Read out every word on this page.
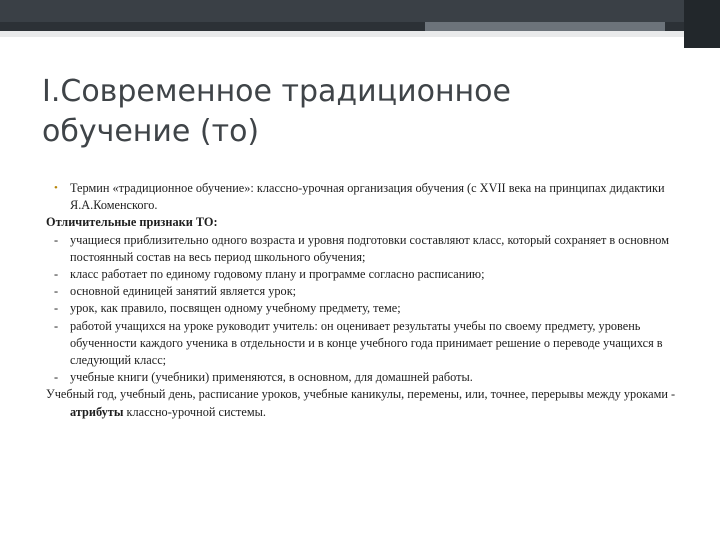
I.Современное традиционное
обучение (то)

• Термин «традиционное обучение»: классно-урочная организация обучения (с XVII века на принципах дидактики Я.А.Коменского.

Отличительные признаки ТО:

- учащиеся приблизительно одного возраста и уровня подготовки составляют класс, который сохраняет в основном постоянный состав на весь период школьного обучения;

- класс работает по единому годовому плану и программе согласно расписанию;

- основной единицей занятий является урок;

- урок, как правило, посвящен одному учебному предмету, теме;

- работой учащихся на уроке руководит учитель: он оценивает результаты учебы по своему предмету, уровень обученности каждого ученика в отдельности и в конце учебного года принимает решение о переводе учащихся в следующий класс;

- учебные книги (учебники) применяются, в основном, для домашней работы.

Учебный год, учебный день, расписание уроков, учебные каникулы, перемены, или, точнее, перерывы между уроками - атрибуты классно-урочной системы.
